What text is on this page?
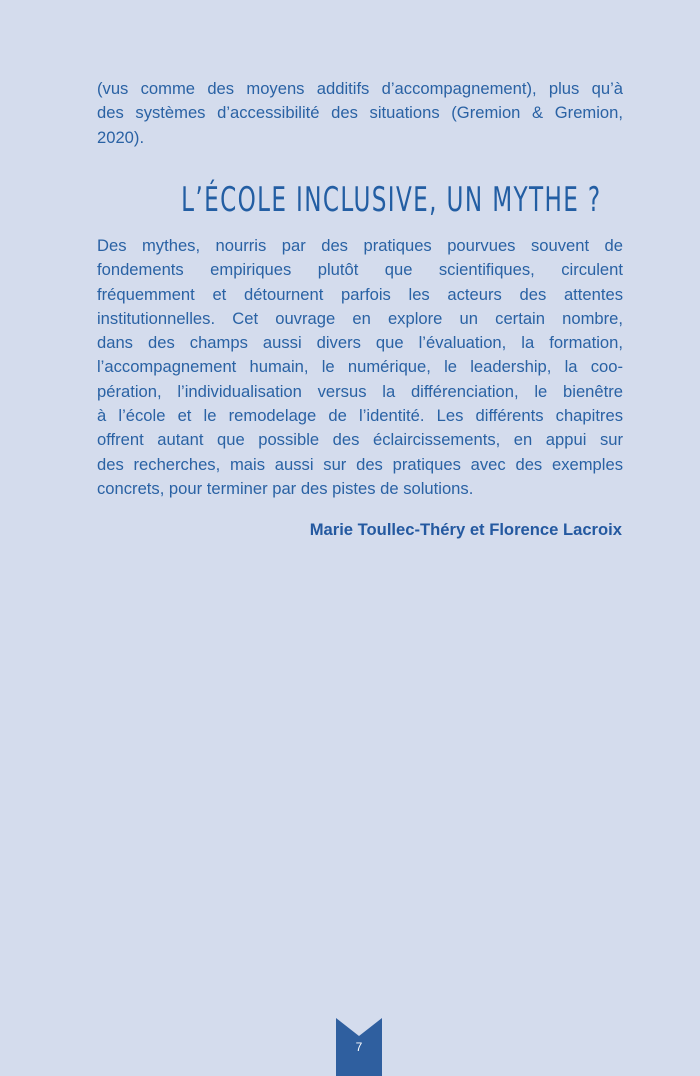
(vus comme des moyens additifs d’accompagnement), plus qu’à
des systèmes d’accessibilité des situations (Gremion & Gremion,
2020).
L’ÉCOLE INCLUSIVE, UN MYTHE ?
Des mythes, nourris par des pratiques pourvues souvent de
fondements empiriques plutôt que scientifiques, circulent
fréquemment et détournent parfois les acteurs des attentes
institutionnelles. Cet ouvrage en explore un certain nombre,
dans des champs aussi divers que l’évaluation, la formation,
l’accompagnement humain, le numérique, le leadership, la coo-
pération, l’individualisation versus la différenciation, le bienêtre
à l’école et le remodelage de l’identité. Les différents chapitres
offrent autant que possible des éclaircissements, en appui sur
des recherches, mais aussi sur des pratiques avec des exemples
concrets, pour terminer par des pistes de solutions.
Marie Toullec-Théry et Florence Lacroix
7
